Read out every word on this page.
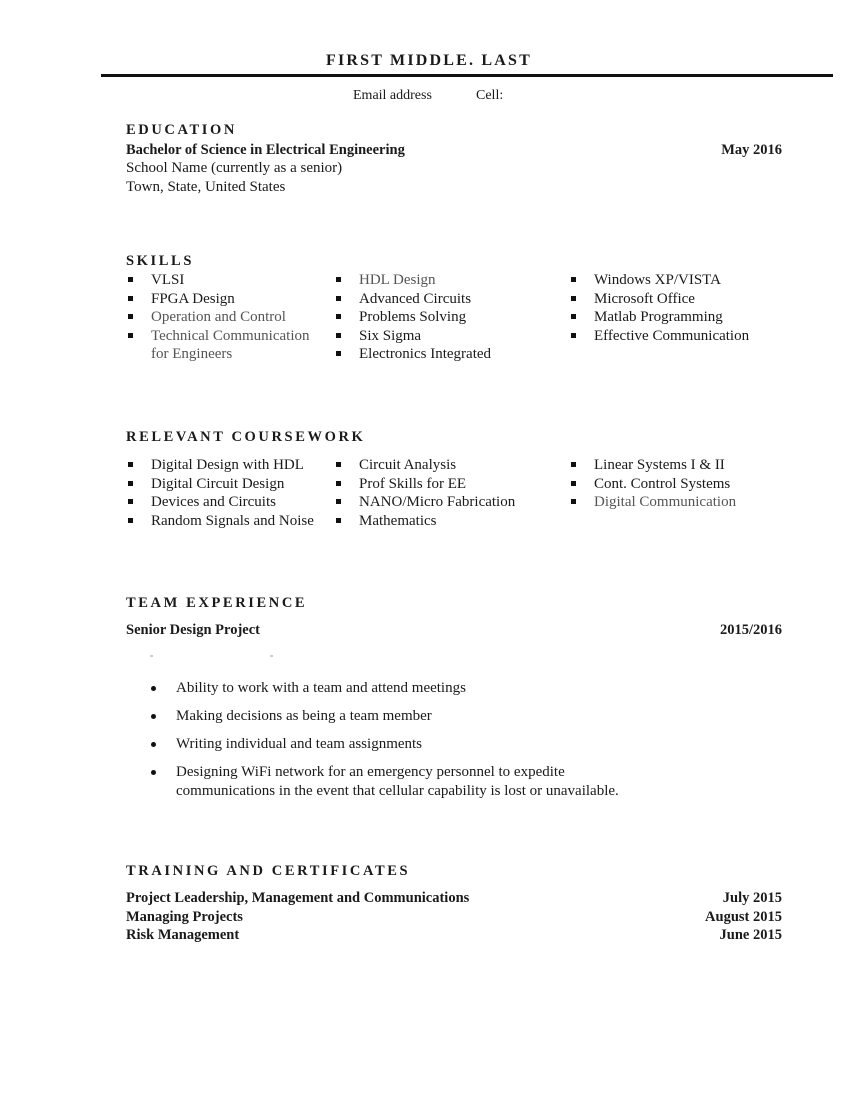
FIRST MIDDLE. LAST
Email address	Cell:
EDUCATION
Bachelor of Science in Electrical Engineering	May 2016
School Name (currently as a senior)
Town, State, United States
SKILLS
VLSI
FPGA Design
Operation and Control
Technical Communication for Engineers
HDL Design
Advanced Circuits
Problems Solving
Six Sigma
Electronics Integrated
Windows XP/VISTA
Microsoft Office
Matlab Programming
Effective Communication
RELEVANT COURSEWORK
Digital Design with HDL
Digital Circuit Design
Devices and Circuits
Random Signals and Noise
Circuit Analysis
Prof Skills for EE
NANO/Micro Fabrication
Mathematics
Linear Systems I & II
Cont. Control Systems
Digital Communication
TEAM EXPERIENCE
Senior Design Project	2015/2016
Ability to work with a team and attend meetings
Making decisions as being a team member
Writing individual and team assignments
Designing WiFi network for an emergency personnel to expedite communications in the event that cellular capability is lost or unavailable.
TRAINING AND CERTIFICATES
Project Leadership, Management and Communications	July 2015
Managing Projects	August 2015
Risk Management	June 2015
